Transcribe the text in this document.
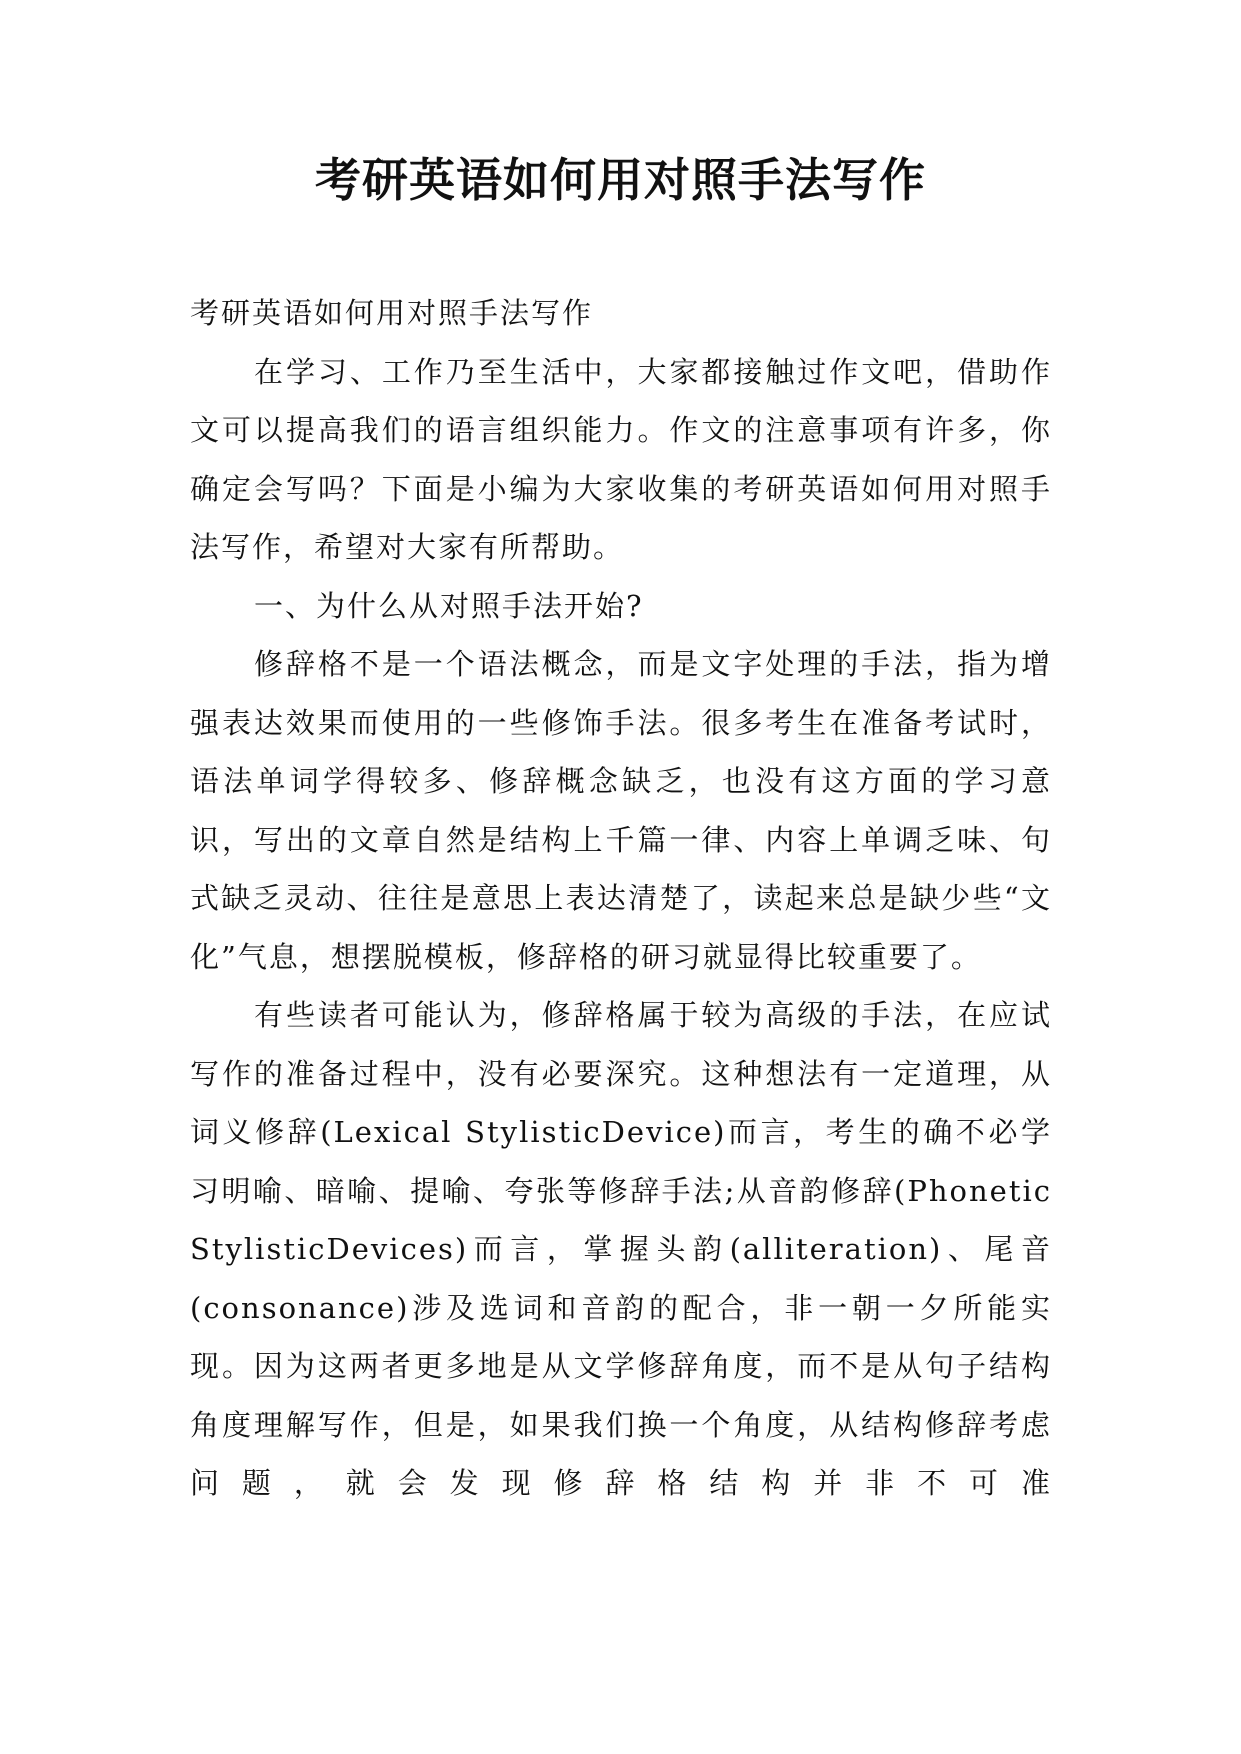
考研英语如何用对照手法写作

考研英语如何用对照手法写作

在学习、工作乃至生活中，大家都接触过作文吧，借助作文可以提高我们的语言组织能力。作文的注意事项有许多，你确定会写吗？下面是小编为大家收集的考研英语如何用对照手法写作，希望对大家有所帮助。

一、为什么从对照手法开始?

修辞格不是一个语法概念，而是文字处理的手法，指为增强表达效果而使用的一些修饰手法。很多考生在准备考试时，语法单词学得较多、修辞概念缺乏，也没有这方面的学习意识，写出的文章自然是结构上千篇一律、内容上单调乏味、句式缺乏灵动、往往是意思上表达清楚了，读起来总是缺少些“文化”气息，想摆脱模板，修辞格的研习就显得比较重要了。

有些读者可能认为，修辞格属于较为高级的手法，在应试写作的准备过程中，没有必要深究。这种想法有一定道理，从词义修辞(Lexical StylisticDevice)而言，考生的确不必学习明喻、暗喻、提喻、夸张等修辞手法;从音韵修辞(Phonetic StylisticDevices)而言，掌握头韵(alliteration)、尾音(consonance)涉及选词和音韵的配合，非一朝一夕所能实现。因为这两者更多地是从文学修辞角度，而不是从句子结构角度理解写作，但是，如果我们换一个角度，从结构修辞考虑问题，就会发现修辞格结构并非不可准
